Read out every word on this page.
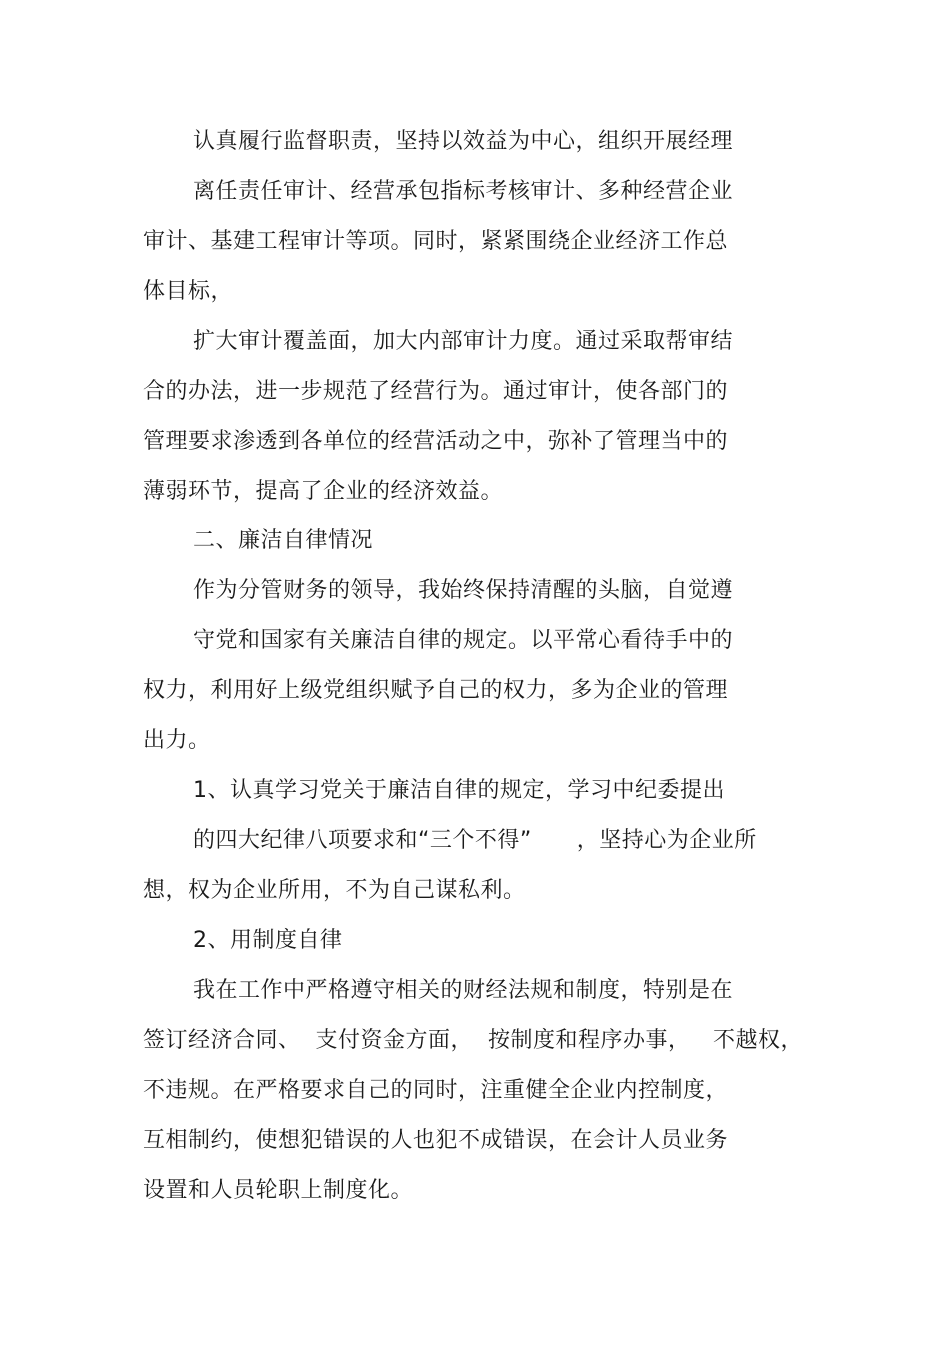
认真履行监督职责，坚持以效益为中心，组织开展经理
离任责任审计、经营承包指标考核审计、多种经营企业
审计、基建工程审计等项。同时，紧紧围绕企业经济工作总
体目标，
扩大审计覆盖面，加大内部审计力度。通过采取帮审结
合的办法，进一步规范了经营行为。通过审计，使各部门的
管理要求渗透到各单位的经营活动之中，弥补了管理当中的
薄弱环节，提高了企业的经济效益。
二、廉洁自律情况
作为分管财务的领导，我始终保持清醒的头脑，自觉遵
守党和国家有关廉洁自律的规定。以平常心看待手中的
权力，利用好上级党组织赋予自己的权力，多为企业的管理
出力。
1、认真学习党关于廉洁自律的规定，学习中纪委提出
的四大纪律八项要求和“三个不得”      ，坚持心为企业所
想，权为企业所用，不为自己谋私利。
2、用制度自律
我在工作中严格遵守相关的财经法规和制度，特别是在
签订经济合同、  支付资金方面，  按制度和程序办事，   不越权，
不违规。在严格要求自己的同时，注重健全企业内控制度，
互相制约，使想犯错误的人也犯不成错误，在会计人员业务
设置和人员轮职上制度化。
